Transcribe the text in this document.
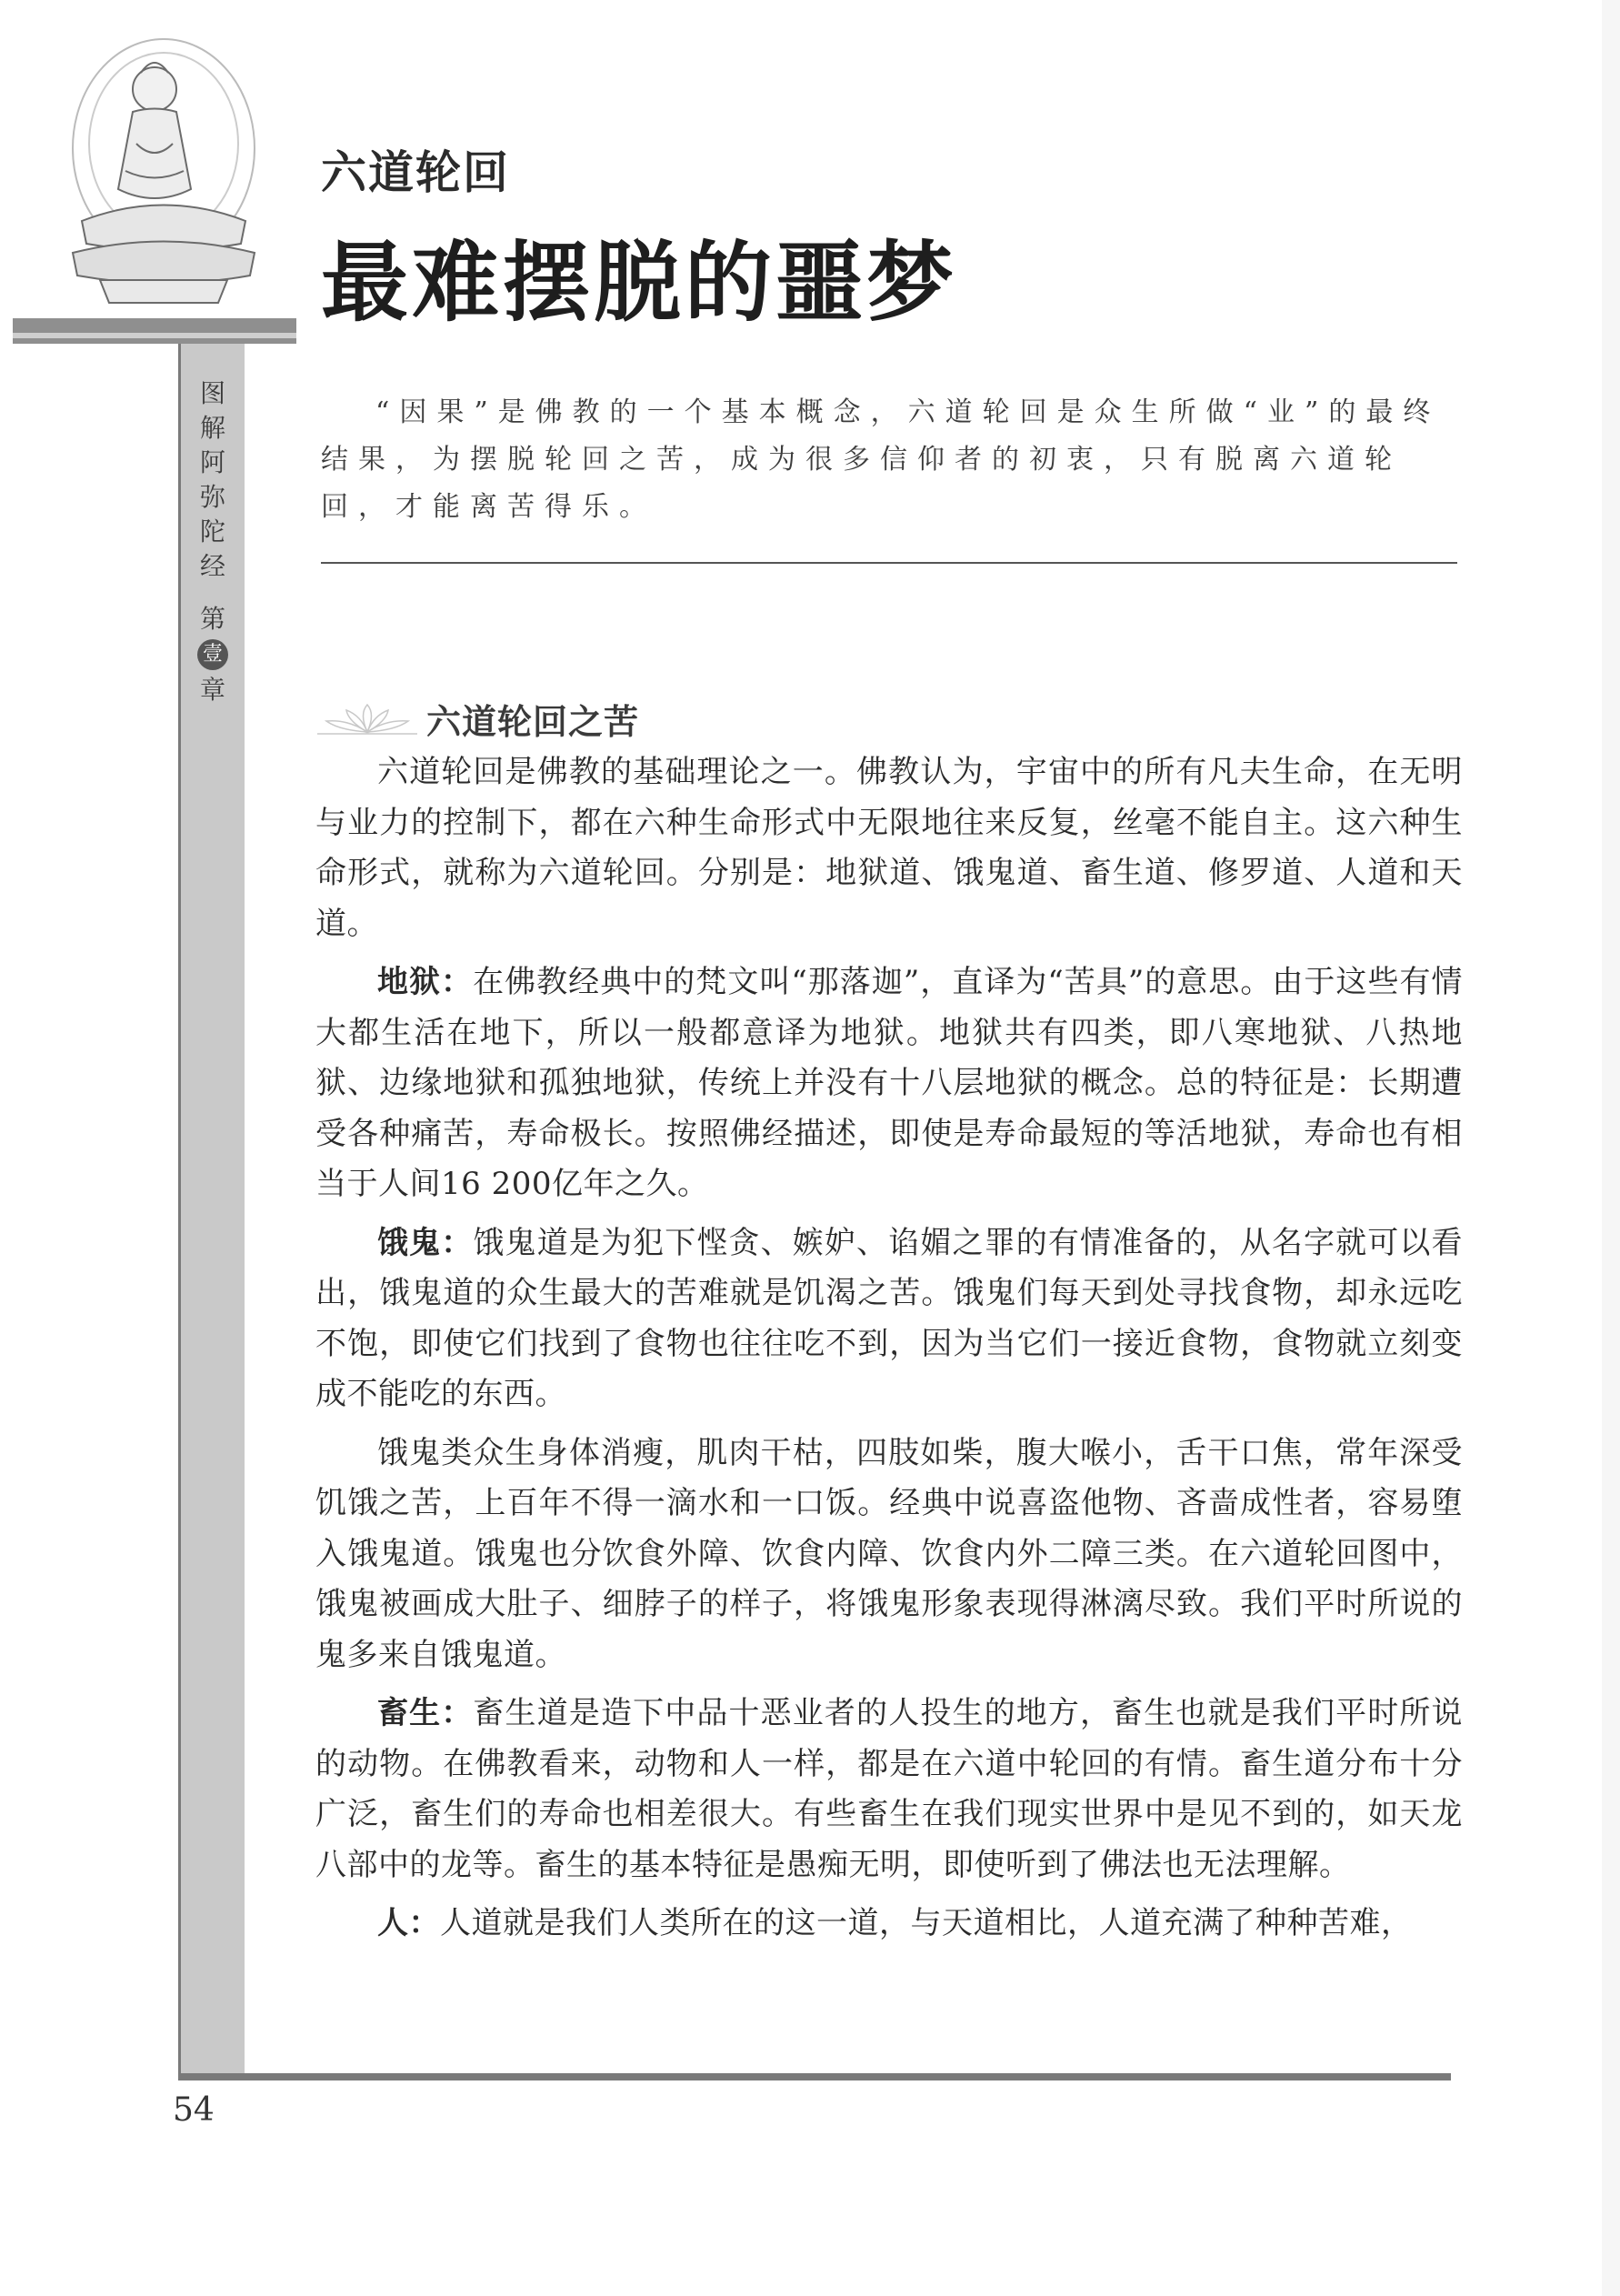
图
解
阿
弥
陀
经
第
壹
章
六道轮回
最难摆脱的噩梦
“因果”是佛教的一个基本概念，六道轮回是众生所做“业”的最终结果，为摆脱轮回之苦，成为很多信仰者的初衷，只有脱离六道轮回，才能离苦得乐。
六道轮回之苦

六道轮回是佛教的基础理论之一。佛教认为，宇宙中的所有凡夫生命，在无明与业力的控制下，都在六种生命形式中无限地往来反复，丝毫不能自主。这六种生命形式，就称为六道轮回。分别是：地狱道、饿鬼道、畜生道、修罗道、人道和天道。

地狱：在佛教经典中的梵文叫“那落迦”，直译为“苦具”的意思。由于这些有情大都生活在地下，所以一般都意译为地狱。地狱共有四类，即八寒地狱、八热地狱、边缘地狱和孤独地狱，传统上并没有十八层地狱的概念。总的特征是：长期遭受各种痛苦，寿命极长。按照佛经描述，即使是寿命最短的等活地狱，寿命也有相当于人间16 200亿年之久。

饿鬼：饿鬼道是为犯下悭贪、嫉妒、谄媚之罪的有情准备的，从名字就可以看出，饿鬼道的众生最大的苦难就是饥渴之苦。饿鬼们每天到处寻找食物，却永远吃不饱，即使它们找到了食物也往往吃不到，因为当它们一接近食物，食物就立刻变成不能吃的东西。

饿鬼类众生身体消瘦，肌肉干枯，四肢如柴，腹大喉小，舌干口焦，常年深受饥饿之苦，上百年不得一滴水和一口饭。经典中说喜盗他物、吝啬成性者，容易堕入饿鬼道。饿鬼也分饮食外障、饮食内障、饮食内外二障三类。在六道轮回图中，饿鬼被画成大肚子、细脖子的样子，将饿鬼形象表现得淋漓尽致。我们平时所说的鬼多来自饿鬼道。

畜生：畜生道是造下中品十恶业者的人投生的地方，畜生也就是我们平时所说的动物。在佛教看来，动物和人一样，都是在六道中轮回的有情。畜生道分布十分广泛，畜生们的寿命也相差很大。有些畜生在我们现实世界中是见不到的，如天龙八部中的龙等。畜生的基本特征是愚痴无明，即使听到了佛法也无法理解。

人：人道就是我们人类所在的这一道，与天道相比，人道充满了种种苦难，

54
